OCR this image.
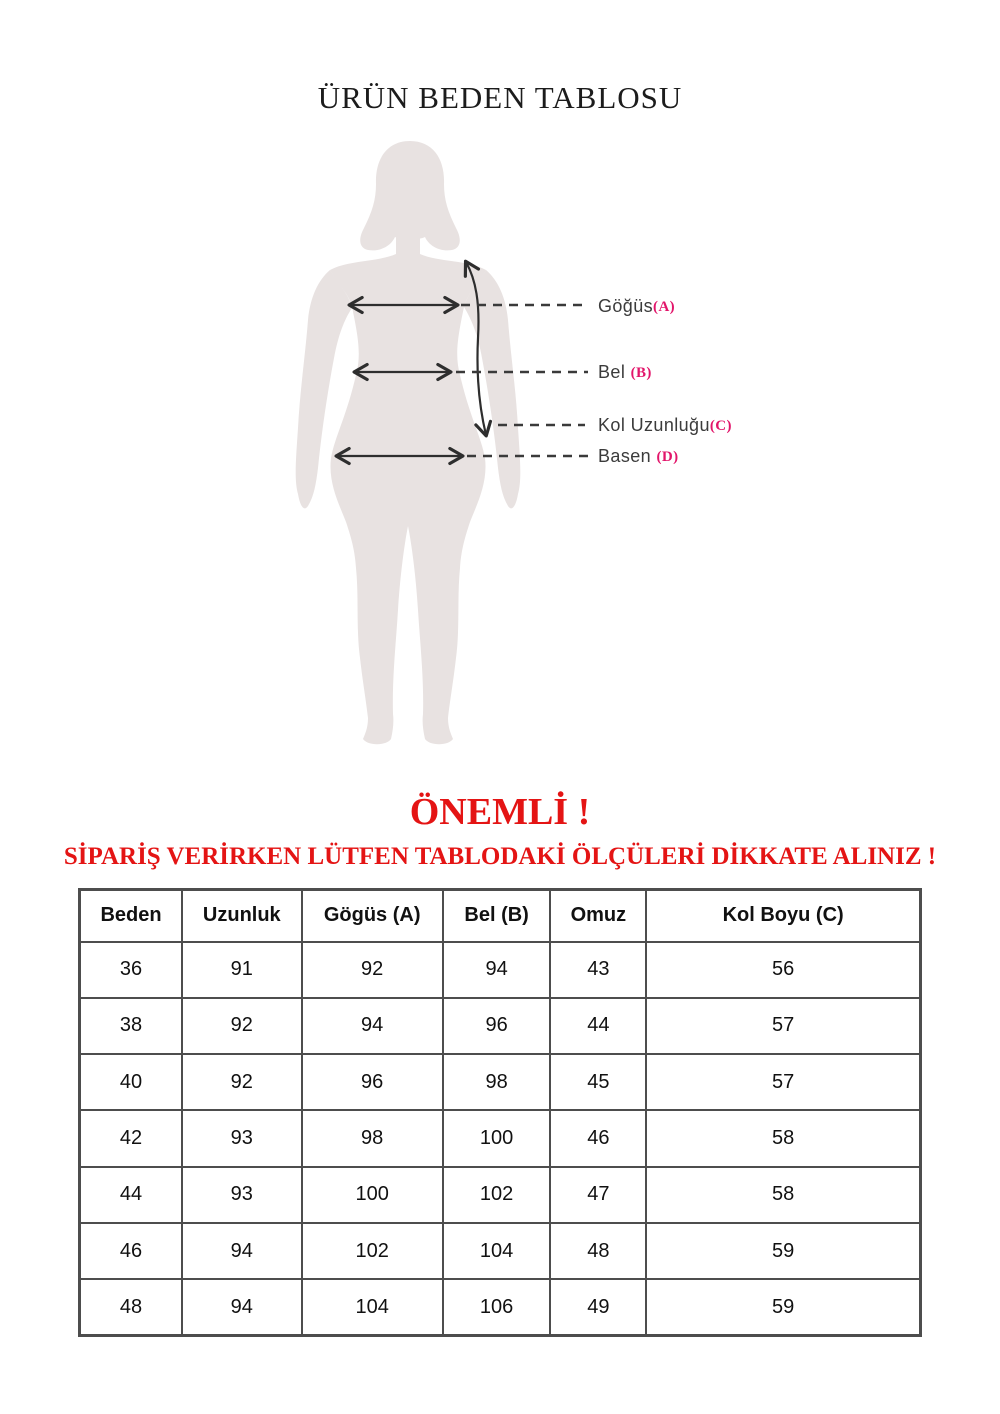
ÜRÜN BEDEN TABLOSU
Göğüs(A)
Bel (B)
Kol Uzunluğu(C)
Basen (D)
ÖNEMLİ !
SİPARİŞ VERİRKEN LÜTFEN TABLODAKİ ÖLÇÜLERİ DİKKATE ALINIZ !
Beden	Uzunluk	Gögüs (A)	Bel (B)	Omuz	Kol Boyu (C)
36	91	92	94	43	56
38	92	94	96	44	57
40	92	96	98	45	57
42	93	98	100	46	58
44	93	100	102	47	58
46	94	102	104	48	59
48	94	104	106	49	59
